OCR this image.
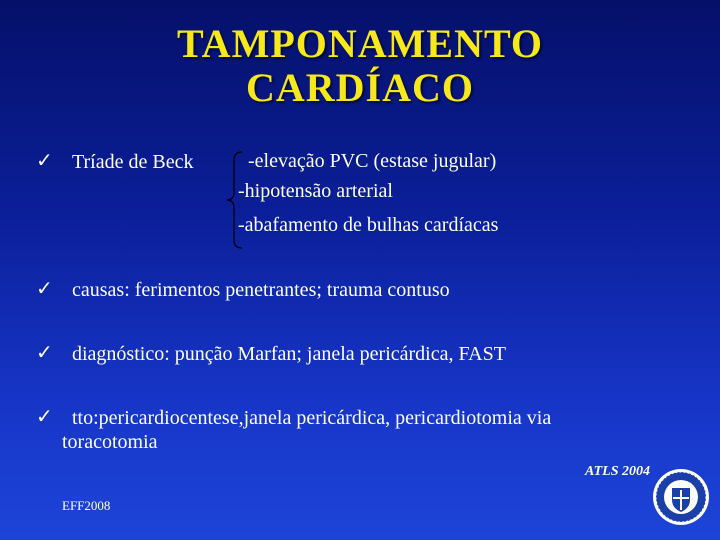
TAMPONAMENTO
CARDÍACO
✓ Tríade de Beck	-elevação PVC (estase jugular)
-hipotensão arterial
-abafamento de bulhas cardíacas
✓ causas: ferimentos penetrantes; trauma contuso
✓ diagnóstico: punção Marfan; janela pericárdica, FAST
✓ tto:pericardiocentese,janela pericárdica, pericardiotomia via
toracotomia
ATLS 2004
EFF2008
